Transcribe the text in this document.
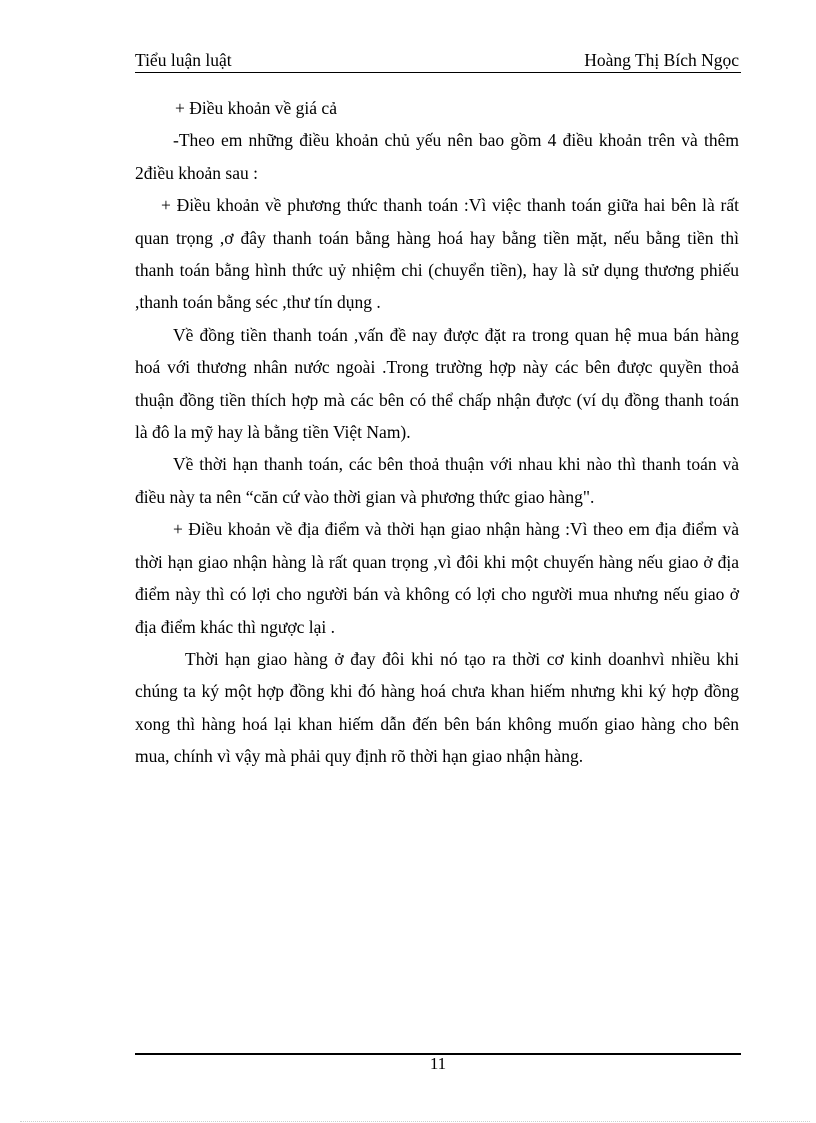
Tiểu luận luật	Hoàng Thị Bích Ngọc

+ Điều khoản về giá cả

-Theo em những điều khoản chủ yếu nên bao gồm 4 điều khoản trên và thêm 2điều khoản sau :

+ Điều khoản về phương thức thanh toán :Vì việc thanh toán giữa hai bên là rất quan trọng ,ơ đây thanh toán bằng hàng hoá hay bằng tiền mặt, nếu bằng tiền thì thanh toán bằng hình thức uỷ nhiệm chi (chuyển tiền), hay là sử dụng thương phiếu ,thanh toán bằng séc ,thư tín dụng .

Về đồng tiền thanh toán ,vấn đề nay được đặt ra trong quan hệ mua bán hàng hoá với thương nhân nước ngoài .Trong trường hợp này các bên được quyền thoả thuận đồng tiền thích hợp mà các bên có thể chấp nhận được (ví dụ đồng thanh toán là đô la mỹ hay là bằng tiền Việt Nam).

Về thời hạn thanh toán, các bên thoả thuận với nhau khi nào thì thanh toán và điều này ta nên “căn cứ vào thời gian và phương thức giao hàng".

+ Điều khoản về địa điểm và thời hạn giao nhận hàng :Vì theo em địa điểm và thời hạn giao nhận hàng là rất quan trọng ,vì đôi khi một chuyến hàng nếu giao ở địa điểm này thì có lợi cho người bán và không có lợi cho người mua nhưng nếu giao ở địa điểm khác thì ngược lại .

Thời hạn giao hàng ở đay đôi khi nó tạo ra thời cơ kinh doanhvì nhiều khi chúng ta ký một hợp đồng khi đó hàng hoá chưa khan hiếm nhưng khi ký hợp đồng xong thì hàng hoá lại khan hiếm dẫn đến bên bán không muốn giao hàng cho bên mua, chính vì vậy mà phải quy định rõ thời hạn giao nhận hàng.

11
